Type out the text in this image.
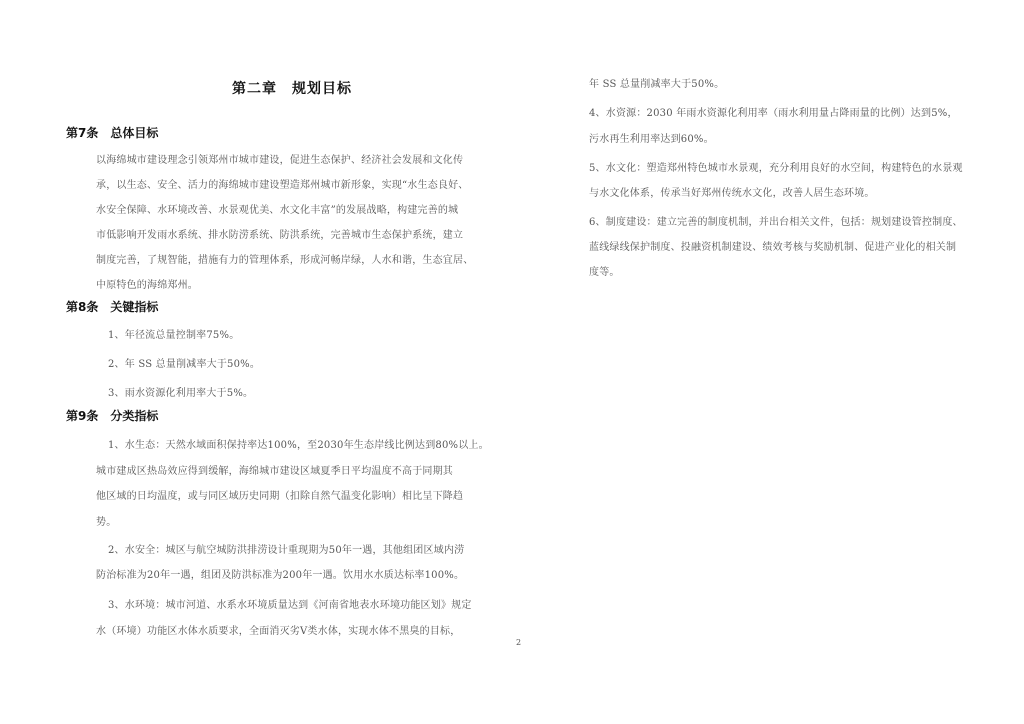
第二章　规划目标
第7条　总体目标
以海绵城市建设理念引领郑州市城市建设，促进生态保护、经济社会发展和文化传
承，以生态、安全、活力的海绵城市建设塑造郑州城市新形象，实现“水生态良好、
水安全保障、水环境改善、水景观优美、水文化丰富”的发展战略，构建完善的城
市低影响开发雨水系统、排水防涝系统、防洪系统，完善城市生态保护系统，建立
制度完善，了规智能，措施有力的管理体系，形成河畅岸绿，人水和谐，生态宜居、
中原特色的海绵郑州。
第8条　关键指标
1、年径流总量控制率75%。
2、年 SS 总量削减率大于50%。
3、雨水资源化利用率大于5%。
第9条　分类指标
1、水生态：天然水域面积保持率达100%，至2030年生态岸线比例达到80%以上。
城市建成区热岛效应得到缓解，海绵城市建设区域夏季日平均温度不高于同期其
他区域的日均温度，或与同区域历史同期（扣除自然气温变化影响）相比呈下降趋
势。
2、水安全：城区与航空城防洪排涝设计重现期为50年一遇，其他组团区域内涝
防治标准为20年一遇，组团及防洪标准为200年一遇。饮用水水质达标率100%。
3、水环境：城市河道、水系水环境质量达到《河南省地表水环境功能区划》规定
水（环境）功能区水体水质要求，全面消灭劣Ⅴ类水体，实现水体不黑臭的目标，
年 SS 总量削减率大于50%。
4、水资源：2030 年雨水资源化利用率（雨水利用量占降雨量的比例）达到5%，
污水再生利用率达到60%。
5、水文化：塑造郑州特色城市水景观，充分利用良好的水空间，构建特色的水景观
与水文化体系，传承当好郑州传统水文化，改善人居生态环境。
6、制度建设：建立完善的制度机制，并出台相关文件，包括：规划建设管控制度、
蓝线绿线保护制度、投融资机制建设、绩效考核与奖励机制、促进产业化的相关制
度等。
2
